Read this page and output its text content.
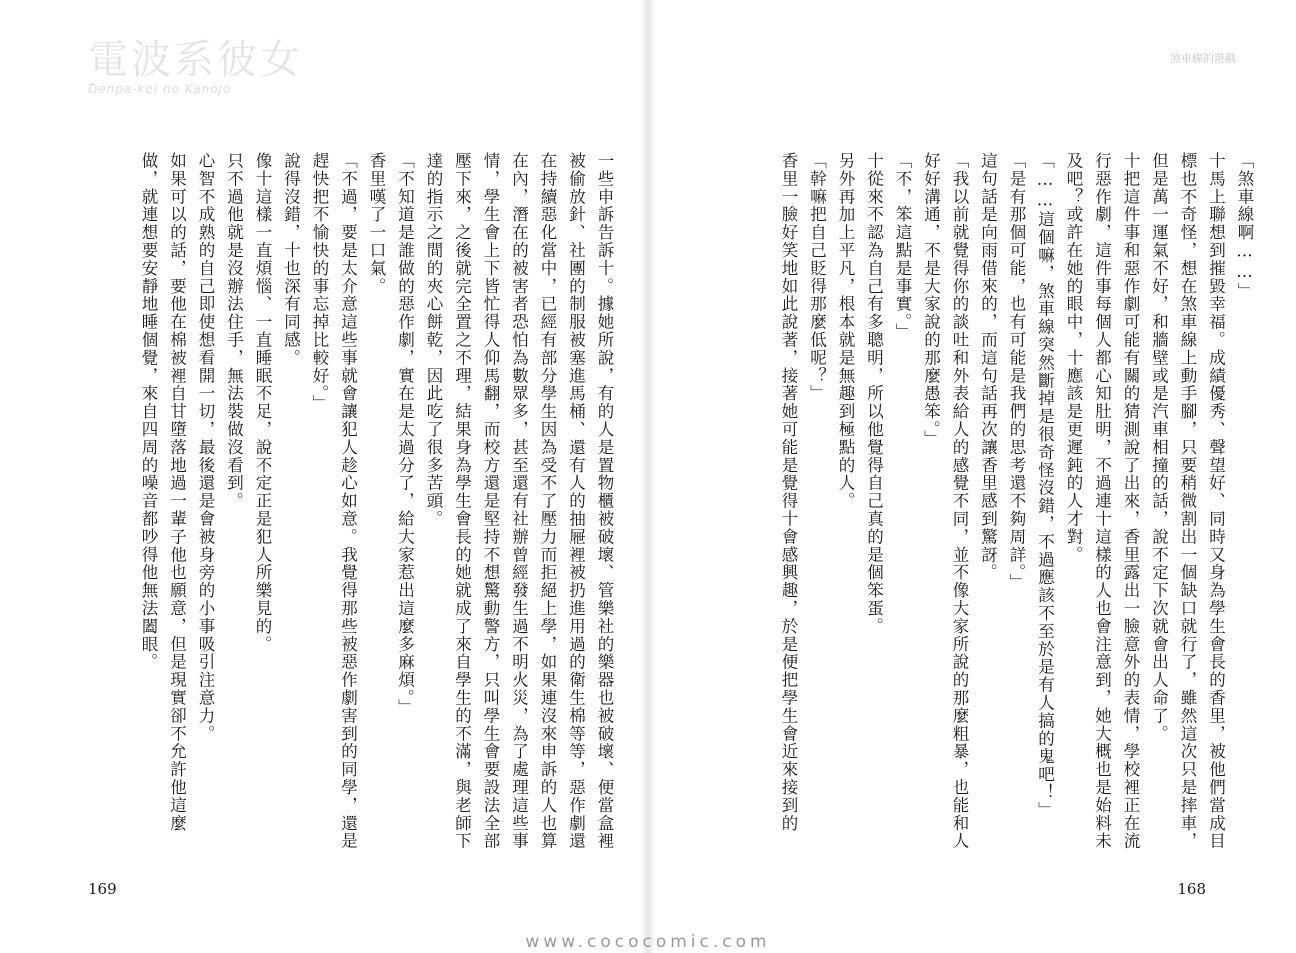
電波系彼女
Denpa-kei no Kanojo

一些申訴告訴十。據她所說，有的人是置物櫃被破壞、管樂社的樂器也被破壞、便當盒裡被偷放針、社團的制服被塞進馬桶、還有人的抽屜裡被扔進用過的衛生棉等等，惡作劇還在持續惡化當中，已經有部分學生因為受不了壓力而拒絕上學，如果連沒來申訴的人也算在內，潛在的被害者恐怕為數眾多，甚至還有社辦曾經發生過不明火災，為了處理這些事情，學生會上下皆忙得人仰馬翻，而校方還是堅持不想驚動警方，只叫學生會要設法全部壓下來，之後就完全置之不理，結果身為學生會長的她就成了來自學生的不滿，與老師下達的指示之間的夾心餅乾，因此吃了很多苦頭。

「不知道是誰做的惡作劇，實在是太過分了，給大家惹出這麼多麻煩。」

香里嘆了一口氣。

「不過，要是太介意這些事就會讓犯人趁心如意。我覺得那些被惡作劇害到的同學，還是趕快把不愉快的事忘掉比較好。」

說得沒錯，十也深有同感。

像十這樣一直煩惱、一直睡眠不足，說不定正是犯人所樂見的。

只不過他就是沒辦法住手，無法裝做沒看到。

心智不成熟的自己即使想看開一切，最後還是會被身旁的小事吸引注意力。

如果可以的話，要他在棉被裡自甘墮落地過一輩子他也願意，但是現實卻不允許他這麼做，就連想要安靜地睡個覺，來自四周的噪音都吵得他無法闔眼。

169
煞車線的遊戲

「煞車線啊……」

十馬上聯想到摧毀幸福。成績優秀、聲望好、同時又身為學生會長的香里，被他們當成目標也不奇怪，想在煞車線上動手腳，只要稍微割出一個缺口就行了，雖然這次只是摔車，但是萬一運氣不好，和牆壁或是汽車相撞的話，說不定下次就會出人命了。

十把這件事和惡作劇可能有關的猜測說了出來，香里露出一臉意外的表情，學校裡正在流行惡作劇，這件事每個人都心知肚明，不過連十這樣的人也會注意到，她大概也是始料未及吧？或許在她的眼中，十應該是更遲鈍的人才對。

「……這個嘛，煞車線突然斷掉是很奇怪沒錯，不過應該不至於是有人搞的鬼吧！」

「是有那個可能，也有可能是我們的思考還不夠周詳。」

這句話是向雨借來的，而這句話再次讓香里感到驚訝。

「我以前就覺得你的談吐和外表給人的感覺不同，並不像大家所說的那麼粗暴，也能和人好好溝通，不是大家說的那麼愚笨。」

「不，笨這點是事實。」

十從來不認為自己有多聰明，所以他覺得自己真的是個笨蛋。

另外再加上平凡，根本就是無趣到極點的人。

「幹嘛把自己貶得那麼低呢？」

香里一臉好笑地如此說著，接著她可能是覺得十會感興趣，於是便把學生會近來接到的

168
www.cococomic.com
